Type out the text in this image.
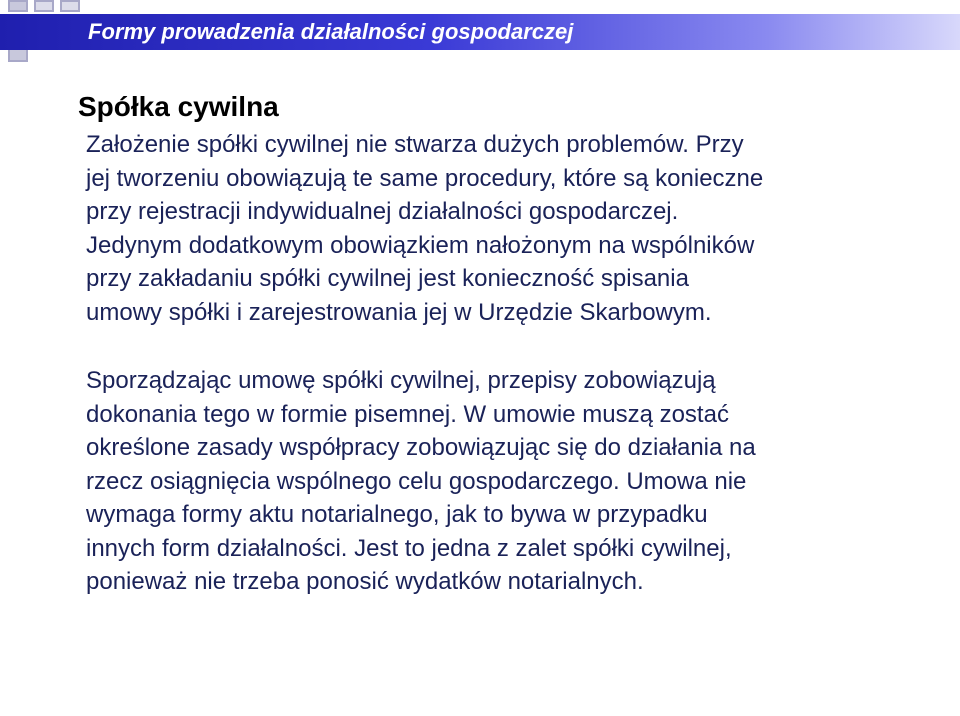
Formy prowadzenia działalności gospodarczej
Spółka cywilna

Założenie spółki cywilnej nie stwarza dużych problemów. Przy
jej tworzeniu obowiązują te same procedury, które są konieczne
przy rejestracji indywidualnej działalności gospodarczej.
Jedynym dodatkowym obowiązkiem nałożonym na wspólników
przy zakładaniu spółki cywilnej jest konieczność spisania
umowy spółki i zarejestrowania jej w Urzędzie Skarbowym.

Sporządzając umowę spółki cywilnej, przepisy zobowiązują
dokonania tego w formie pisemnej. W umowie muszą zostać
określone zasady współpracy zobowiązując się do działania na
rzecz osiągnięcia wspólnego celu gospodarczego. Umowa nie
wymaga formy aktu notarialnego, jak to bywa w przypadku
innych form działalności. Jest to jedna z zalet spółki cywilnej,
ponieważ nie trzeba ponosić wydatków notarialnych.
